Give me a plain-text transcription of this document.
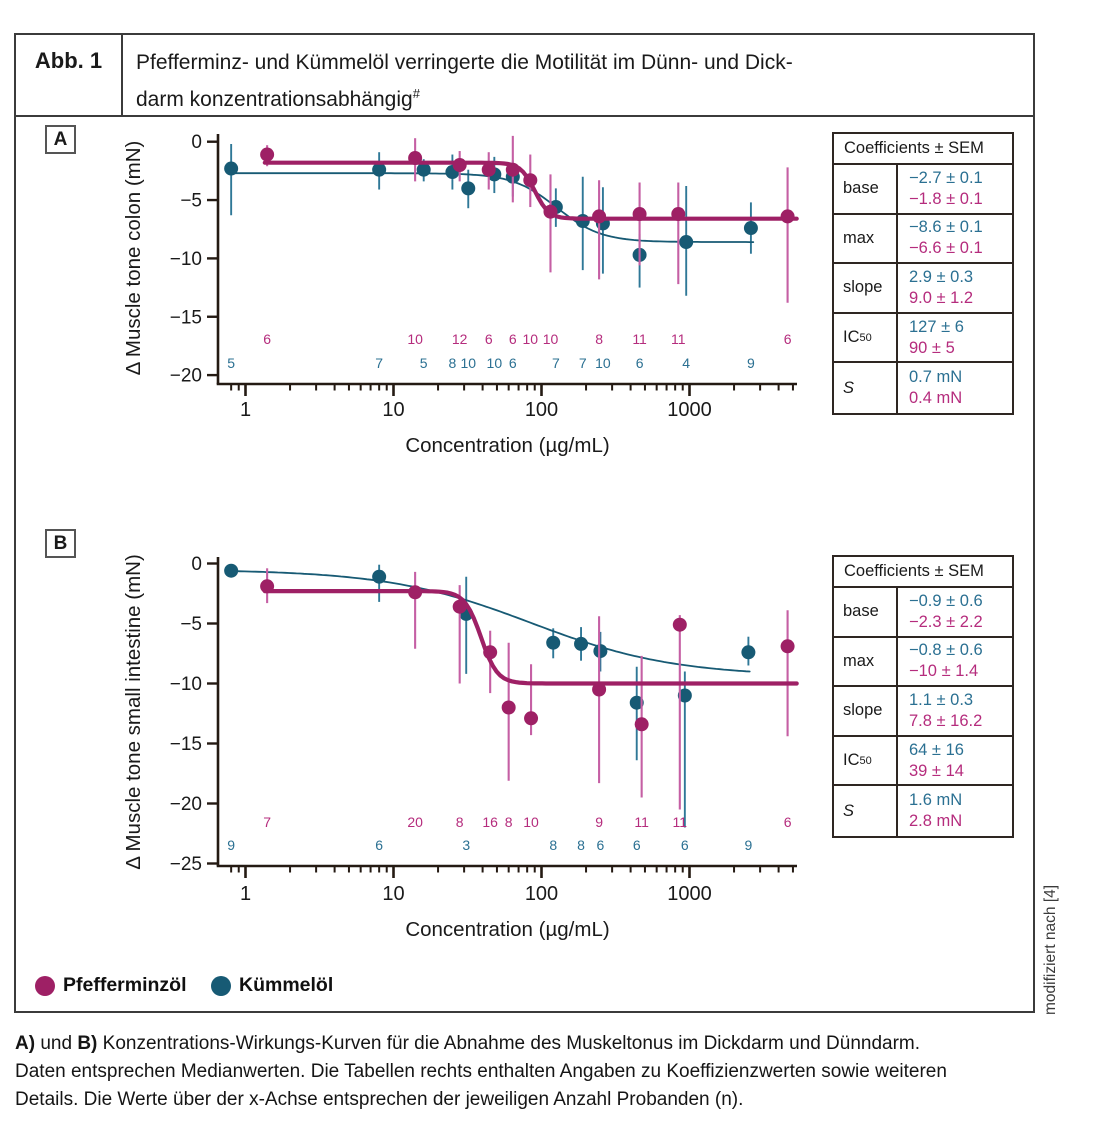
0
−5
−10
−15
−20
1	10	100	1000
Concentration (µg/mL)
Δ Muscle tone colon (mN)	5	7	5 8 10 10 6	7 7 10 6	4	9
6	10 12 6 6 10 10	8 11 11	6
0
−5
−10
−15
−20
−25
1	10	100	1000
Concentration (µg/mL)
Δ Muscle tone small intestine (mN)	9	6	3	8 8 6 6	6	9
7	20 8 16 8 10	9 11 11	6
Abb. 1	Pfefferminz- und Kümmelöl verringerte die Motilität im Dünn- und Dick-
darm konzentrationsabhängig#
A
B
Coefficients ± SEM
base
−2.7 ± 0.1
−1.8 ± 0.1
max
−8.6 ± 0.1
−6.6 ± 0.1
slope
2.9 ± 0.3
9.0 ± 1.2
IC 50
127 ± 6
90 ± 5
S
0.7 mN
0.4 mN
Coefficients ± SEM
base
−0.9 ± 0.6
−2.3 ± 2.2
max
−0.8 ± 0.6
−10 ± 1.4
slope
1.1 ± 0.3
7.8 ± 16.2
IC 50
64 ± 16
39 ± 14
S
1.6 mN
2.8 mN
Pfefferminzöl	Kümmelöl	modifiziert nach [4]
A) und B) Konzentrations-Wirkungs-Kurven für die Abnahme des Muskeltonus im Dickdarm und Dünndarm.
Daten entsprechen Medianwerten. Die Tabellen rechts enthalten Angaben zu Koeffizienzwerten sowie weiteren
Details. Die Werte über der x-Achse entsprechen der jeweiligen Anzahl Probanden (n).
